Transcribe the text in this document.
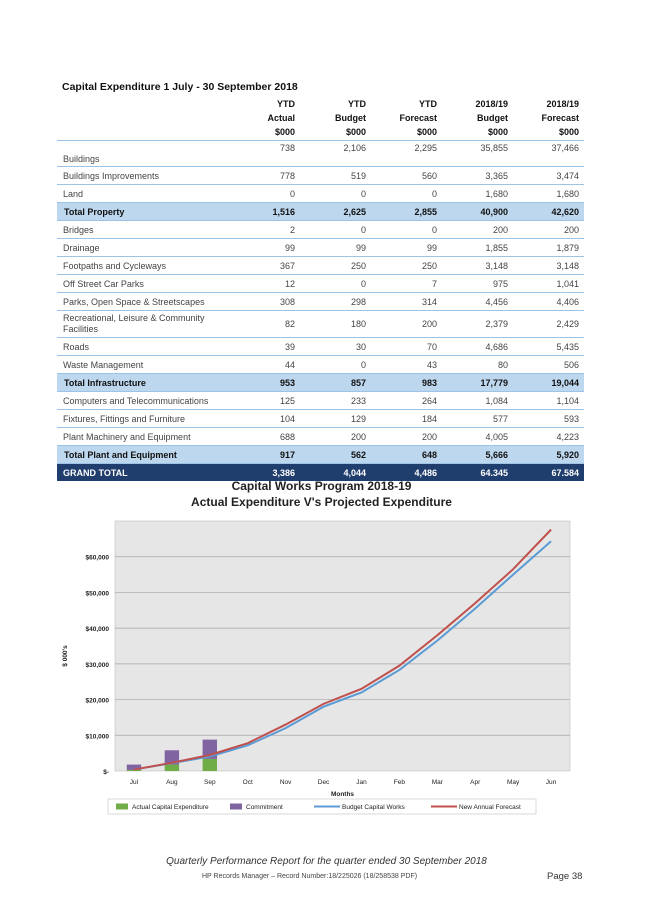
Capital Expenditure 1 July - 30 September 2018
	YTD	YTD	YTD	2018/19	2018/19
	Actual	Budget	Forecast	Budget	Forecast
	$000	$000	$000	$000	$000
Buildings	738	2,106	2,295	35,855	37,466
Buildings Improvements	778	519	560	3,365	3,474
Land	0	0	0	1,680	1,680
Total Property	1,516	2,625	2,855	40,900	42,620
Bridges	2	0	0	200	200
Drainage	99	99	99	1,855	1,879
Footpaths and Cycleways	367	250	250	3,148	3,148
Off Street Car Parks	12	0	7	975	1,041
Parks, Open Space & Streetscapes	308	298	314	4,456	4,406
Recreational, Leisure & Community Facilities	82	180	200	2,379	2,429
Roads	39	30	70	4,686	5,435
Waste Management	44	0	43	80	506
Total Infrastructure	953	857	983	17,779	19,044
Computers and Telecommunications	125	233	264	1,084	1,104
Fixtures, Fittings and Furniture	104	129	184	577	593
Plant Machinery and Equipment	688	200	200	4,005	4,223
Total Plant and Equipment	917	562	648	5,666	5,920
GRAND TOTAL	3,386	4,044	4,486	64.345	67.584
Capital Works Program 2018-19
Actual Expenditure V's Projected Expenditure
$-
$10,000
$20,000
$30,000
$40,000
$50,000
$60,000
Jul	Aug	Sep	Oct	Nov	Dec	Jan	Feb	Mar	Apr	May	Jun
Months
$ 000's
Actual Capital Expenditure	Commitment	Budget Capital Works	New Annual Forecast
Quarterly Performance Report for the quarter ended 30 September 2018
HP Records Manager – Record Number:18/225026 (18/258538 PDF)	Page 38
